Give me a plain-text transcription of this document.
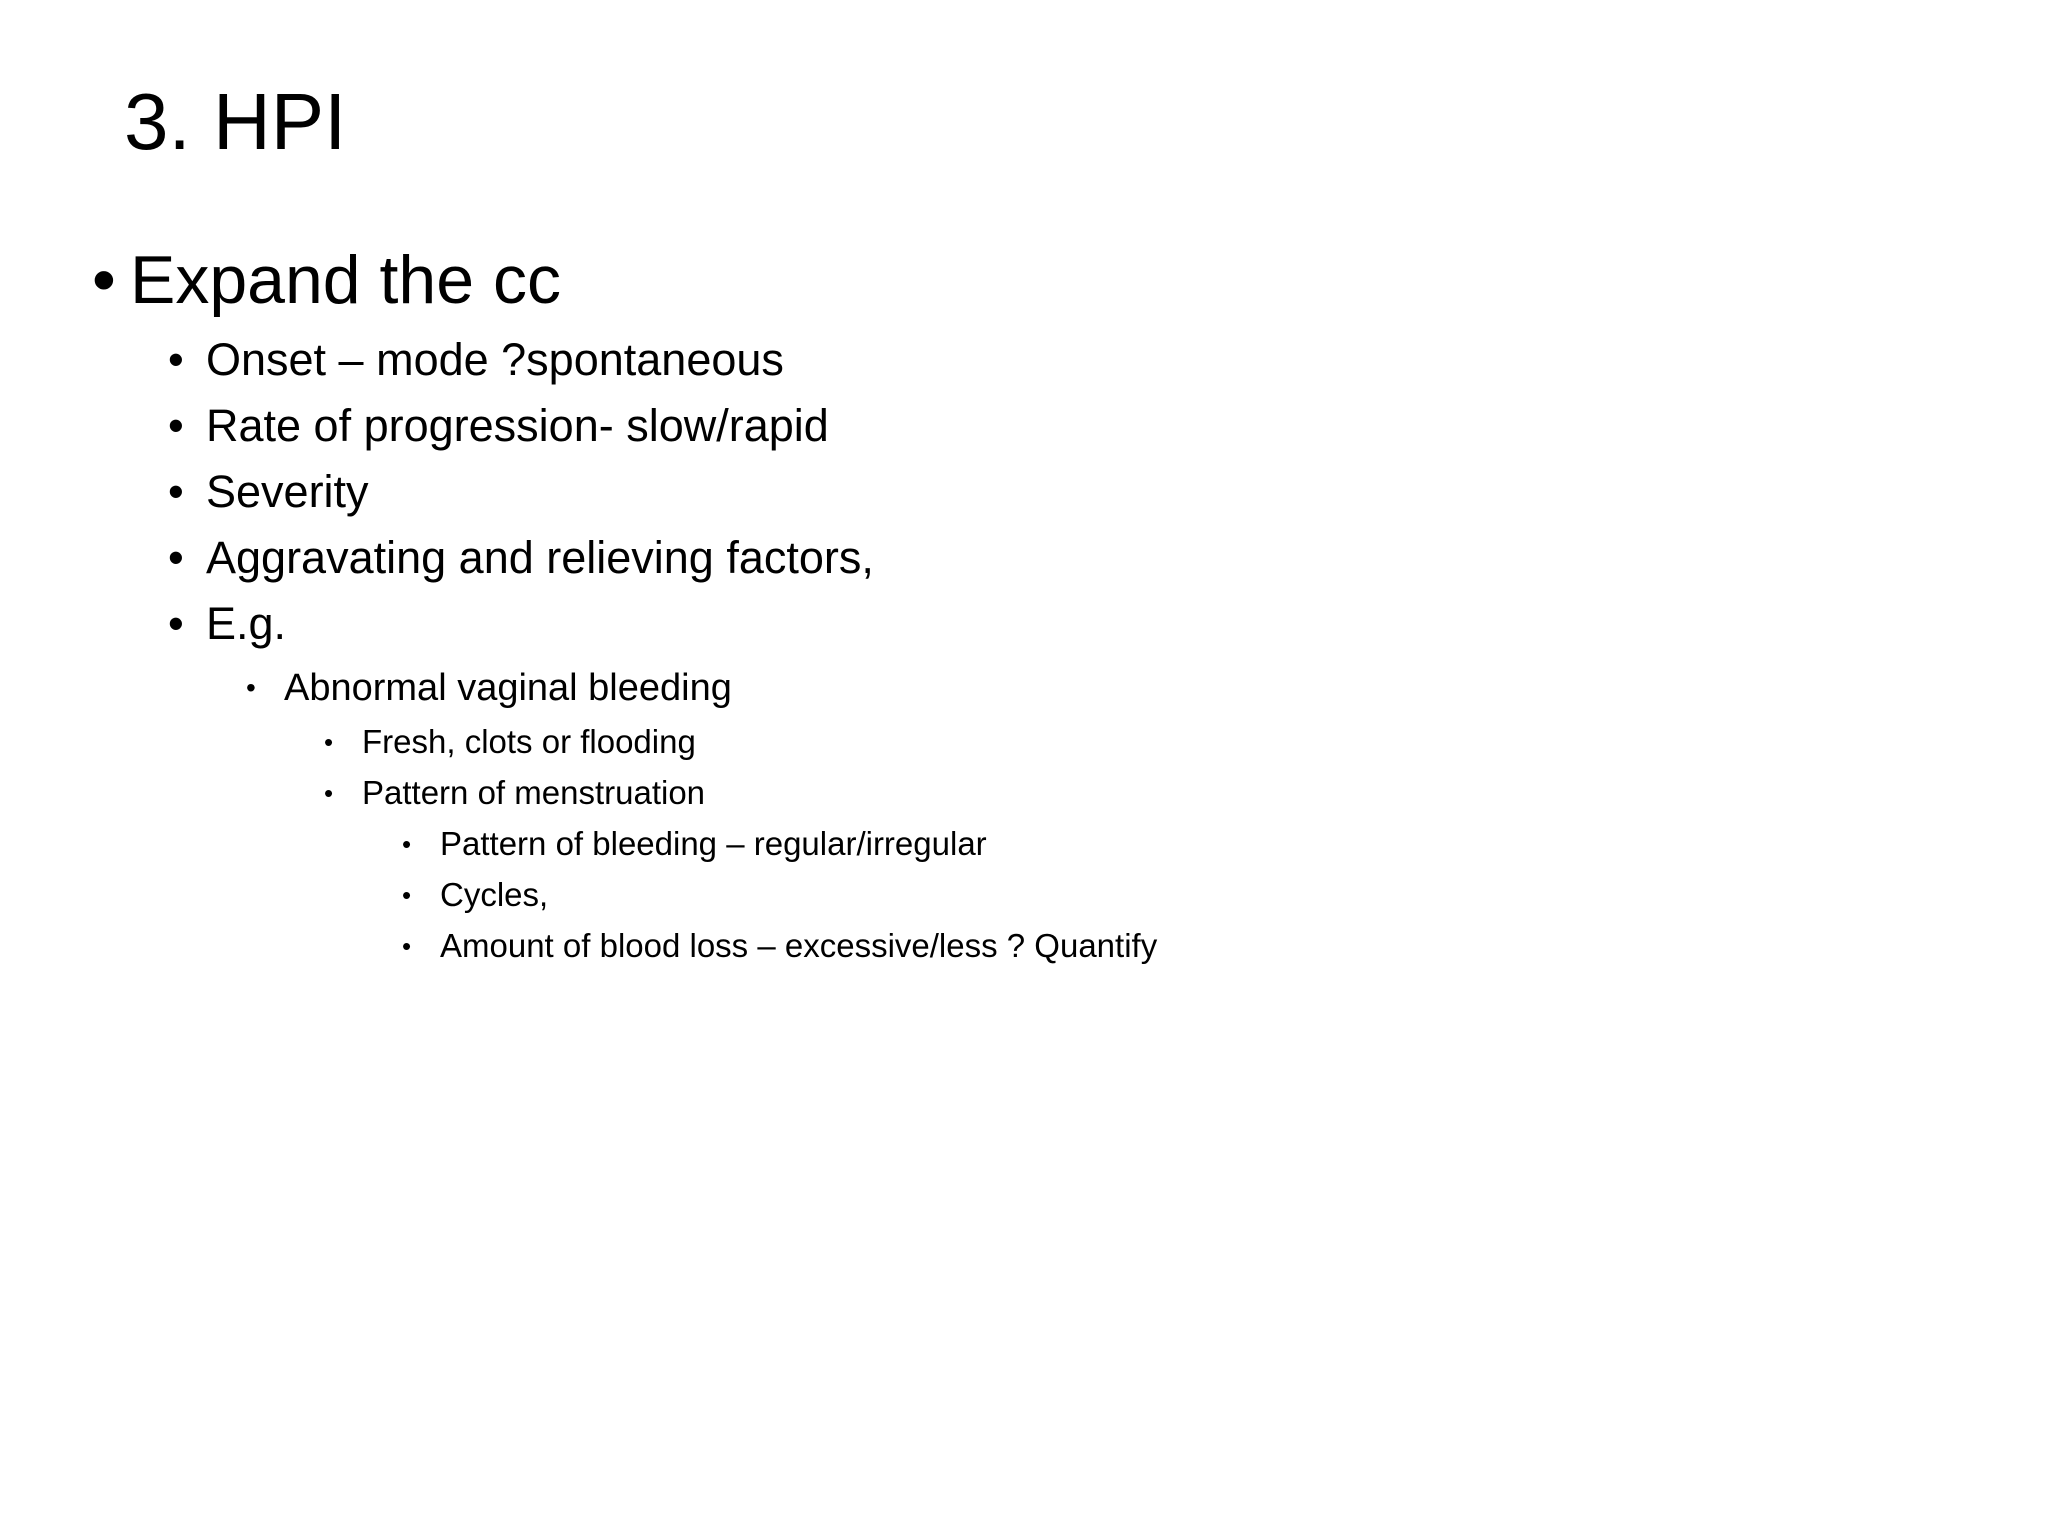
3. HPI
• Expand the cc
• Onset – mode ?spontaneous
• Rate of progression- slow/rapid
• Severity
• Aggravating and relieving factors,
• E.g.
• Abnormal vaginal bleeding
• Fresh, clots or flooding
• Pattern of menstruation
• Pattern of bleeding – regular/irregular
• Cycles,
• Amount of blood loss – excessive/less ? Quantify
